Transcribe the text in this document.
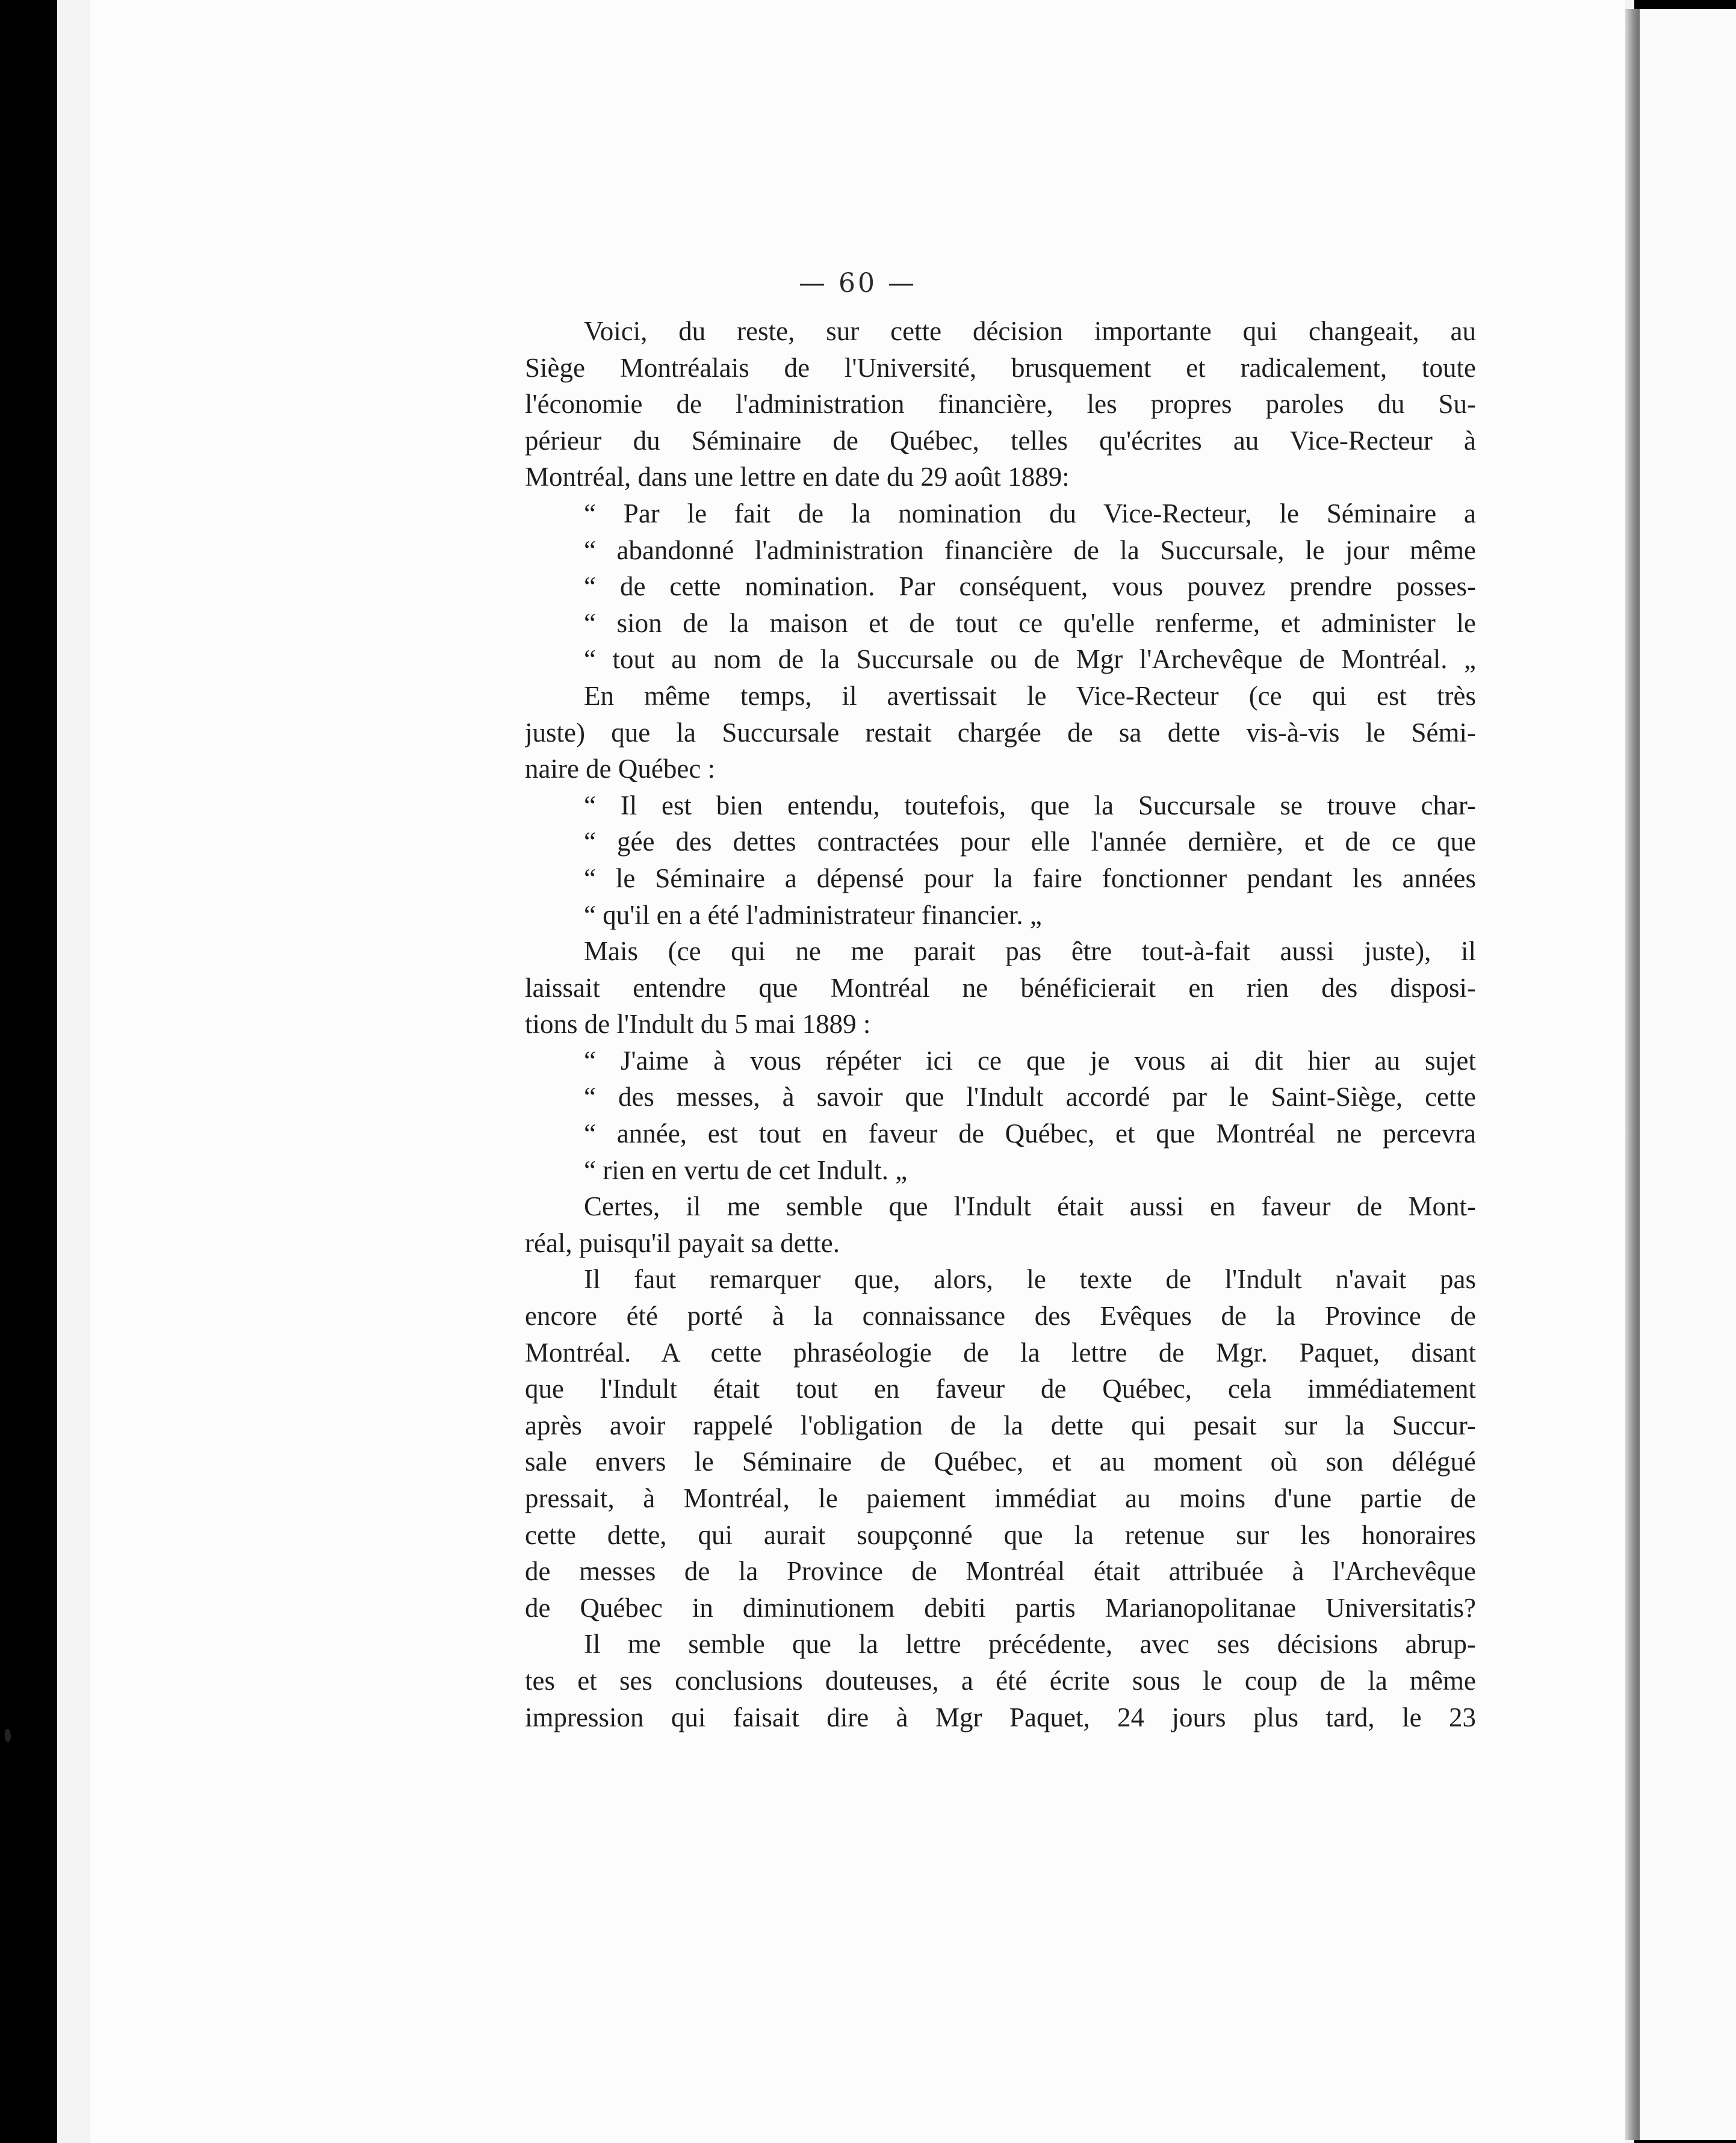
— 60 —

Voici, du reste, sur cette décision importante qui changeait, au
Siège Montréalais de l'Université, brusquement et radicalement, toute
l'économie de l'administration financière, les propres paroles du Su-
périeur du Séminaire de Québec, telles qu'écrites au Vice-Recteur à
Montréal, dans une lettre en date du 29 août 1889:

“ Par le fait de la nomination du Vice-Recteur, le Séminaire a
“ abandonné l'administration financière de la Succursale, le jour même
“ de cette nomination. Par conséquent, vous pouvez prendre posses-
“ sion de la maison et de tout ce qu'elle renferme, et administer le
“ tout au nom de la Succursale ou de Mgr l'Archevêque de Montréal. „

En même temps, il avertissait le Vice-Recteur (ce qui est très
juste) que la Succursale restait chargée de sa dette vis-à-vis le Sémi-
naire de Québec :

“ Il est bien entendu, toutefois, que la Succursale se trouve char-
“ gée des dettes contractées pour elle l'année dernière, et de ce que
“ le Séminaire a dépensé pour la faire fonctionner pendant les années
“ qu'il en a été l'administrateur financier. „

Mais (ce qui ne me parait pas être tout-à-fait aussi juste), il
laissait entendre que Montréal ne bénéficierait en rien des disposi-
tions de l'Indult du 5 mai 1889 :

“ J'aime à vous répéter ici ce que je vous ai dit hier au sujet
“ des messes, à savoir que l'Indult accordé par le Saint-Siège, cette
“ année, est tout en faveur de Québec, et que Montréal ne percevra
“ rien en vertu de cet Indult. „

Certes, il me semble que l'Indult était aussi en faveur de Mont-
réal, puisqu'il payait sa dette.

Il faut remarquer que, alors, le texte de l'Indult n'avait pas
encore été porté à la connaissance des Evêques de la Province de
Montréal. A cette phraséologie de la lettre de Mgr. Paquet, disant
que l'Indult était tout en faveur de Québec, cela immédiatement
après avoir rappelé l'obligation de la dette qui pesait sur la Succur-
sale envers le Séminaire de Québec, et au moment où son délégué
pressait, à Montréal, le paiement immédiat au moins d'une partie de
cette dette, qui aurait soupçonné que la retenue sur les honoraires
de messes de la Province de Montréal était attribuée à l'Archevêque
de Québec in diminutionem debiti partis Marianopolitanae Universitatis?

Il me semble que la lettre précédente, avec ses décisions abrup-
tes et ses conclusions douteuses, a été écrite sous le coup de la même
impression qui faisait dire à Mgr Paquet, 24 jours plus tard, le 23
